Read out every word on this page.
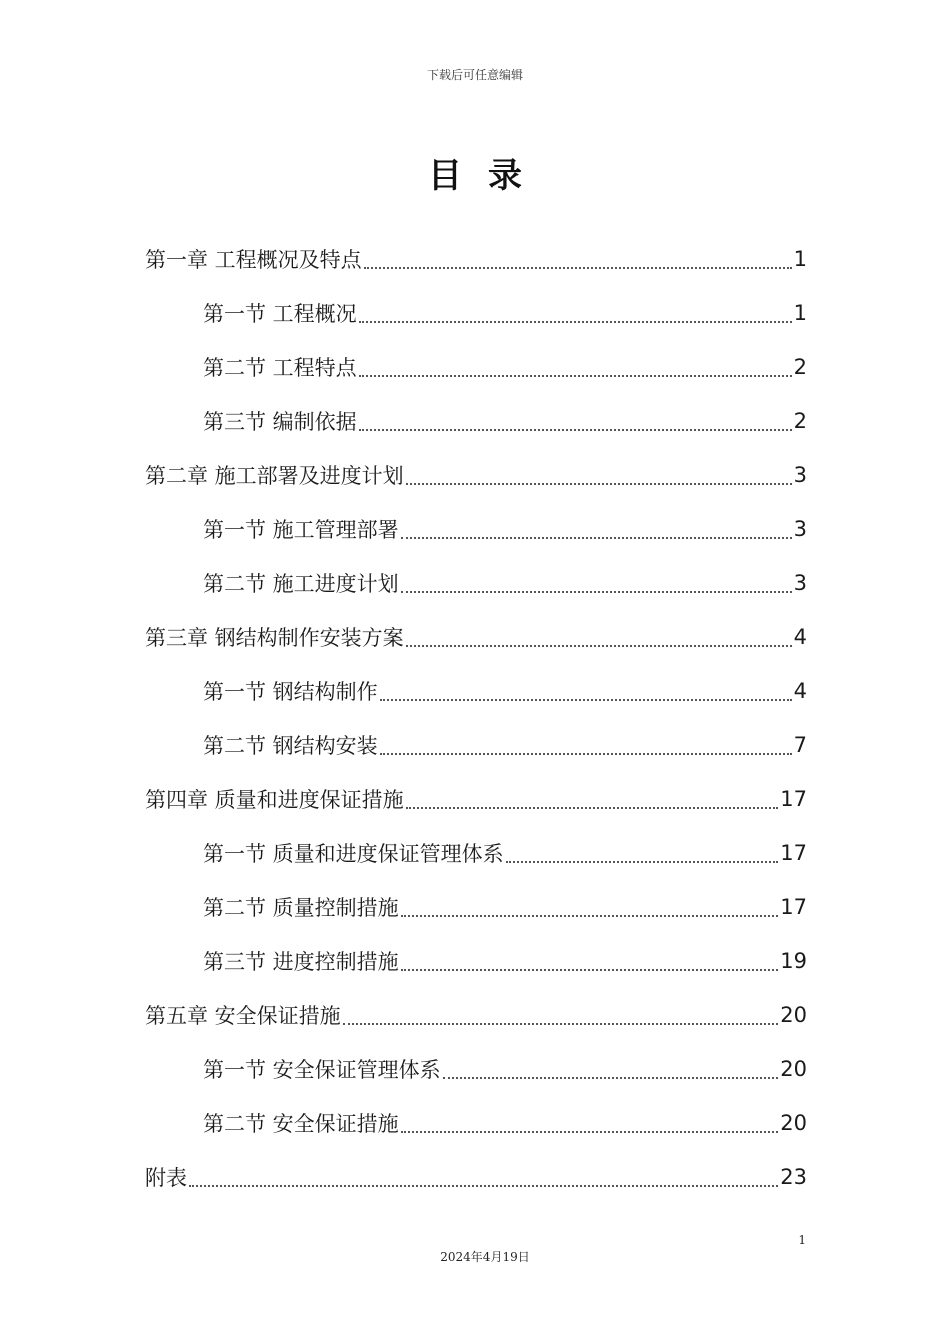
下载后可任意编辑
目录
第一章 工程概况及特点	1
第一节 工程概况	1
第二节 工程特点	2
第三节 编制依据	2
第二章 施工部署及进度计划	3
第一节 施工管理部署	3
第二节 施工进度计划	3
第三章 钢结构制作安装方案	4
第一节 钢结构制作	4
第二节 钢结构安装	7
第四章 质量和进度保证措施	17
第一节 质量和进度保证管理体系	17
第二节 质量控制措施	17
第三节 进度控制措施	19
第五章 安全保证措施	20
第一节 安全保证管理体系	20
第二节 安全保证措施	20
附表	23
1
2024年4月19日
